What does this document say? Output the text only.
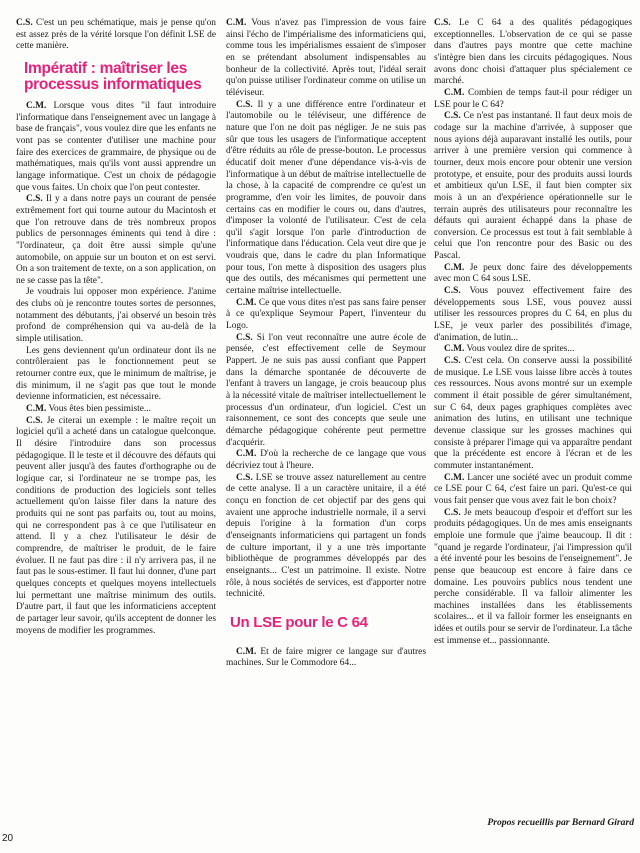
C.S. C'est un peu schématique, mais je pense qu'on est assez près de la vérité lorsque l'on définit LSE de cette manière.

Impératif : maîtriser les processus informatiques

C.M. Lorsque vous dites "il faut introduire l'informatique dans l'enseignement avec un langage à base de français", vous voulez dire que les enfants ne vont pas se contenter d'utiliser une machine pour faire des exercices de grammaire, de physique ou de mathématiques, mais qu'ils vont aussi apprendre un langage informatique. C'est un choix de pédagogie que vous faites. Un choix que l'on peut contester.

C.S. Il y a dans notre pays un courant de pensée extrêmement fort qui tourne autour du Macintosh et que l'on retrouve dans de très nombreux propos publics de personnages éminents qui tend à dire : "l'ordinateur, ça doit être aussi simple qu'une automobile, on appuie sur un bouton et on est servi. On a son traitement de texte, on a son application, on ne se casse pas la tête".

Je voudrais lui opposer mon expérience. J'anime des clubs où je rencontre toutes sortes de personnes, notamment des débutants, j'ai observé un besoin très profond de compréhension qui va au-delà de la simple utilisation.

Les gens deviennent qu'un ordinateur dont ils ne contrôleraient pas le fonctionnement peut se retourner contre eux, que le minimum de maîtrise, je dis minimum, il ne s'agit pas que tout le monde devienne informaticien, est nécessaire.

C.M. Vous êtes bien pessimiste...

C.S. Je citerai un exemple : le maître reçoit un logiciel qu'il a acheté dans un catalogue quelconque. Il désire l'introduire dans son processus pédagogique. Il le teste et il découvre des défauts qui peuvent aller jusqu'à des fautes d'orthographe ou de logique car, si l'ordinateur ne se trompe pas, les conditions de production des logiciels sont telles actuellement qu'on laisse filer dans la nature des produits qui ne sont pas parfaits ou, tout au moins, qui ne correspondent pas à ce que l'utilisateur en attend. Il y a chez l'utilisateur le désir de comprendre, de maîtriser le produit, de le faire évoluer. Il ne faut pas dire : il n'y arrivera pas, il ne faut pas le sous-estimer. Il faut lui donner, d'une part quelques concepts et quelques moyens intellectuels lui permettant une maîtrise minimum des outils. D'autre part, il faut que les informaticiens acceptent de partager leur savoir, qu'ils acceptent de donner les moyens de modifier les programmes.

C.M. Vous n'avez pas l'impression de vous faire ainsi l'écho de l'impérialisme des informaticiens qui, comme tous les impérialismes essaient de s'imposer en se prétendant absolument indispensables au bonheur de la collectivité. Après tout, l'idéal serait qu'on puisse utiliser l'ordinateur comme on utilise un téléviseur.

C.S. Il y a une différence entre l'ordinateur et l'automobile ou le téléviseur, une différence de nature que l'on ne doit pas négliger. Je ne suis pas sûr que tous les usagers de l'informatique acceptent d'être réduits au rôle de presse-bouton. Le processus éducatif doit mener d'une dépendance vis-à-vis de l'informatique à un début de maîtrise intellectuelle de la chose, à la capacité de comprendre ce qu'est un programme, d'en voir les limites, de pouvoir dans certains cas en modifier le cours ou, dans d'autres, d'imposer la volonté de l'utilisateur. C'est de cela qu'il s'agit lorsque l'on parle d'introduction de l'informatique dans l'éducation. Cela veut dire que je voudrais que, dans le cadre du plan Informatique pour tous, l'on mette à disposition des usagers plus que des outils, des mécanismes qui permettent une certaine maîtrise intellectuelle.

C.M. Ce que vous dites n'est pas sans faire penser à ce qu'explique Seymour Papert, l'inventeur du Logo.

C.S. Si l'on veut reconnaître une autre école de pensée, c'est effectivement celle de Seymour Pappert. Je ne suis pas aussi confiant que Pappert dans la démarche spontanée de découverte de l'enfant à travers un langage, je crois beaucoup plus à la nécessité vitale de maîtriser intellectuellement le processus d'un ordinateur, d'un logiciel. C'est un raisonnement, ce sont des concepts que seule une démarche pédagogique cohérente peut permettre d'acquérir.

C.M. D'où la recherche de ce langage que vous décriviez tout à l'heure.

C.S. LSE se trouve assez naturellement au centre de cette analyse. Il a un caractère unitaire, il a été conçu en fonction de cet objectif par des gens qui avaient une approche industrielle normale, il a servi depuis l'origine à la formation d'un corps d'enseignants informaticiens qui partagent un fonds de culture important, il y a une très importante bibliothèque de programmes développés par des enseignants... C'est un patrimoine. Il existe. Notre rôle, à nous sociétés de services, est d'apporter notre technicité.

Un LSE pour le C 64

C.M. Et de faire migrer ce langage sur d'autres machines. Sur le Commodore 64...

C.S. Le C 64 a des qualités pédagogiques exceptionnelles. L'observation de ce qui se passe dans d'autres pays montre que cette machine s'intègre bien dans les circuits pédagogiques. Nous avons donc choisi d'attaquer plus spécialement ce marché.

C.M. Combien de temps faut-il pour rédiger un LSE pour le C 64?

C.S. Ce n'est pas instantané. Il faut deux mois de codage sur la machine d'arrivée, à supposer que nous ayions déjà auparavant installé les outils, pour arriver à une première version qui commence à tourner, deux mois encore pour obtenir une version prototype, et ensuite, pour des produits aussi lourds et ambitieux qu'un LSE, il faut bien compter six mois à un an d'expérience opérationnelle sur le terrain auprès des utilisateurs pour reconnaître les défauts qui auraient échappé dans la phase de conversion. Ce processus est tout à fait semblable à celui que l'on rencontre pour des Basic ou des Pascal.

C.M. Je peux donc faire des développements avec mon C 64 sous LSE.

C.S. Vous pouvez effectivement faire des développements sous LSE, vous pouvez aussi utiliser les ressources propres du C 64, en plus du LSE, je veux parler des possibilités d'image, d'animation, de lutin...

C.M. Vous voulez dire de sprites...

C.S. C'est cela. On conserve aussi la possibilité de musique. Le LSE vous laisse libre accès à toutes ces ressources. Nous avons montré sur un exemple comment il était possible de gérer simultanément, sur C 64, deux pages graphiques complètes avec animation des lutins, en utilisant une technique devenue classique sur les grosses machines qui consiste à préparer l'image qui va apparaître pendant que la précédente est encore à l'écran et de les commuter instantanément.

C.M. Lancer une société avec un produit comme ce LSE pour C 64, c'est faire un pari. Qu'est-ce qui vous fait penser que vous avez fait le bon choix?

C.S. Je mets beaucoup d'espoir et d'effort sur les produits pédagogiques. Un de mes amis enseignants emploie une formule que j'aime beaucoup. Il dit : "quand je regarde l'ordinateur, j'ai l'impression qu'il a été inventé pour les besoins de l'enseignement". Je pense que beaucoup est encore à faire dans ce domaine. Les pouvoirs publics nous tendent une perche considérable. Il va falloir alimenter les machines installées dans les établissements scolaires... et il va falloir former les enseignants en idées et outils pour se servir de l'ordinateur. La tâche est immense et... passionnante.

Propos recueillis par Bernard Girard
20
